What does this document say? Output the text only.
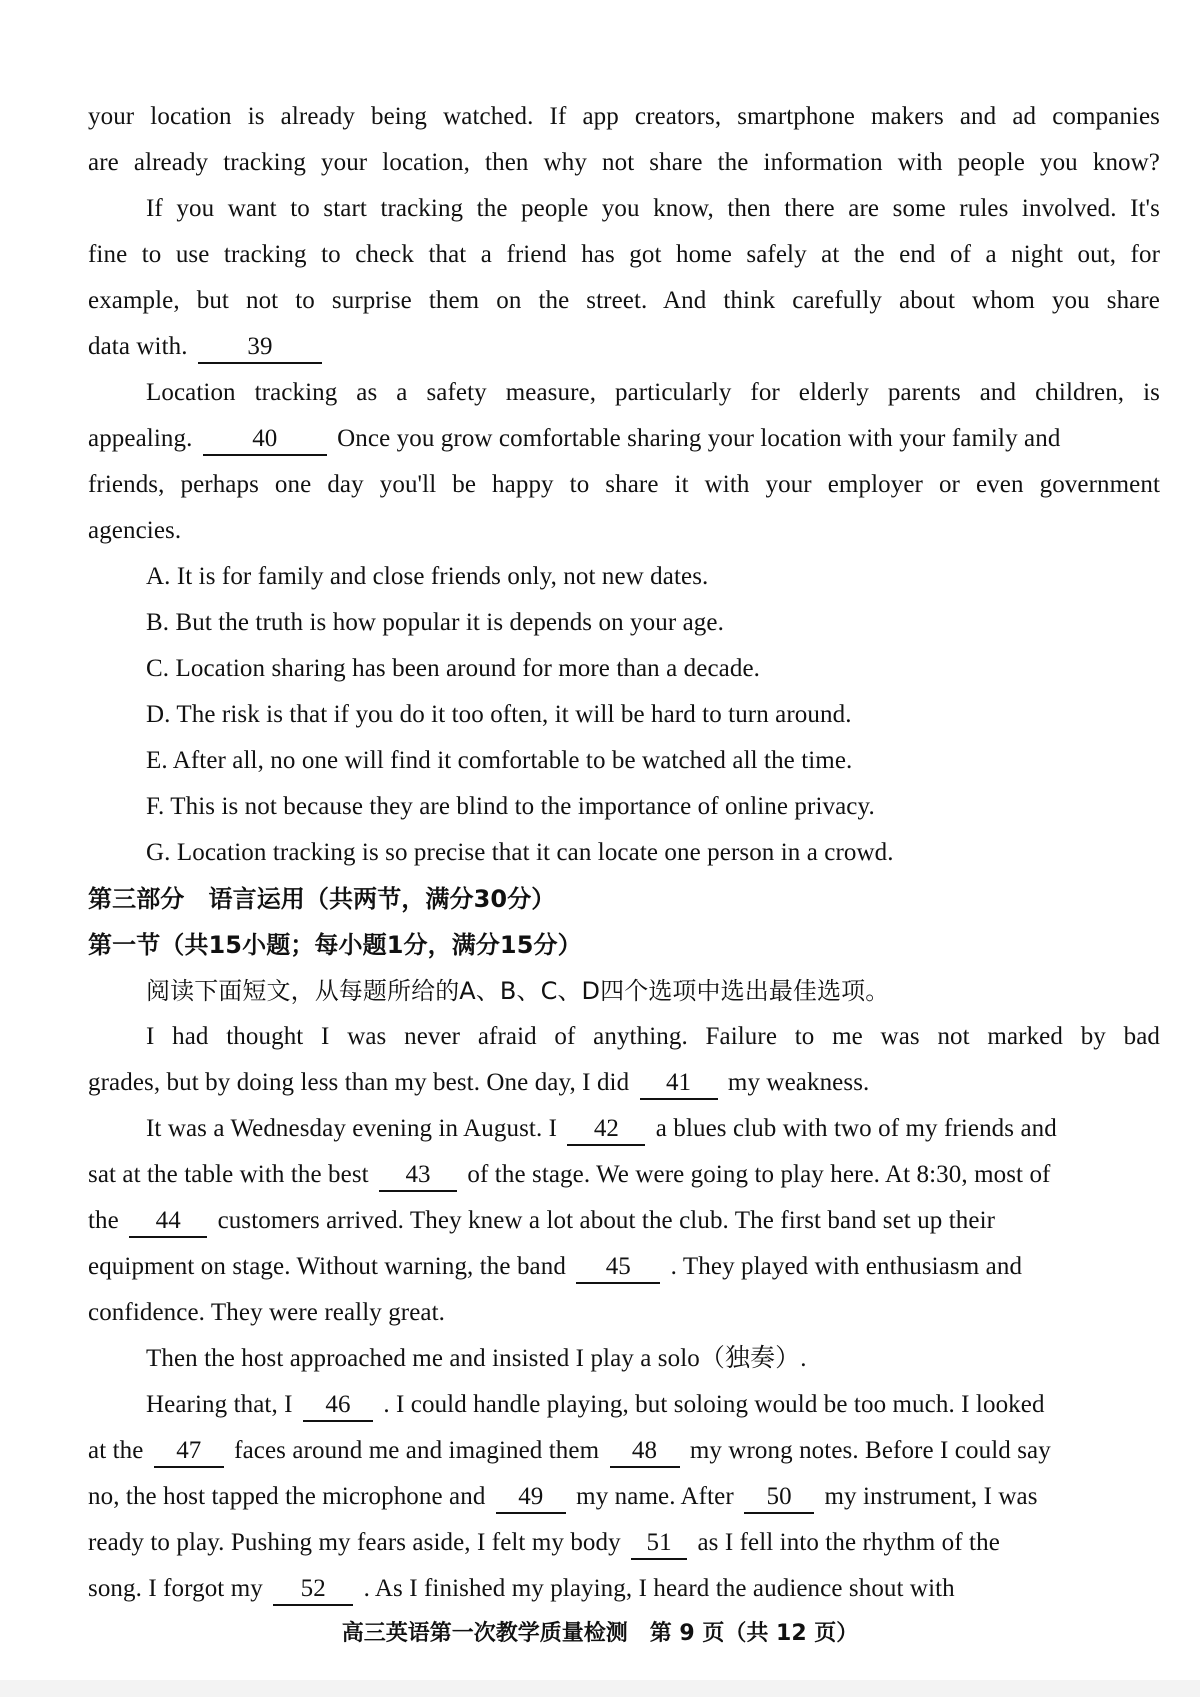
your location is already being watched. If app creators, smartphone makers and ad companies
are already tracking your location, then why not share the information with people you know?
If you want to start tracking the people you know, then there are some rules involved. It's
fine to use tracking to check that a friend has got home safely at the end of a night out, for
example, but not to surprise them on the street. And think carefully about whom you share
data with. 39
Location tracking as a safety measure, particularly for elderly parents and children, is
appealing. 40 Once you grow comfortable sharing your location with your family and
friends, perhaps one day you'll be happy to share it with your employer or even government
agencies.
A. It is for family and close friends only, not new dates.
B. But the truth is how popular it is depends on your age.
C. Location sharing has been around for more than a decade.
D. The risk is that if you do it too often, it will be hard to turn around.
E. After all, no one will find it comfortable to be watched all the time.
F. This is not because they are blind to the importance of online privacy.
G. Location tracking is so precise that it can locate one person in a crowd.
第三部分　语言运用（共两节，满分30分）
第一节（共15小题；每小题1分，满分15分）
阅读下面短文，从每题所给的A、B、C、D四个选项中选出最佳选项。
I had thought I was never afraid of anything. Failure to me was not marked by bad
grades, but by doing less than my best. One day, I did 41 my weakness.
It was a Wednesday evening in August. I 42 a blues club with two of my friends and
sat at the table with the best 43 of the stage. We were going to play here. At 8:30, most of
the 44 customers arrived. They knew a lot about the club. The first band set up their
equipment on stage. Without warning, the band 45 . They played with enthusiasm and
confidence. They were really great.
Then the host approached me and insisted I play a solo（独奏）.
Hearing that, I 46 . I could handle playing, but soloing would be too much. I looked
at the 47 faces around me and imagined them 48 my wrong notes. Before I could say
no, the host tapped the microphone and 49 my name. After 50 my instrument, I was
ready to play. Pushing my fears aside, I felt my body 51 as I fell into the rhythm of the
song. I forgot my 52 . As I finished my playing, I heard the audience shout with
高三英语第一次教学质量检测　第 9 页（共 12 页）
